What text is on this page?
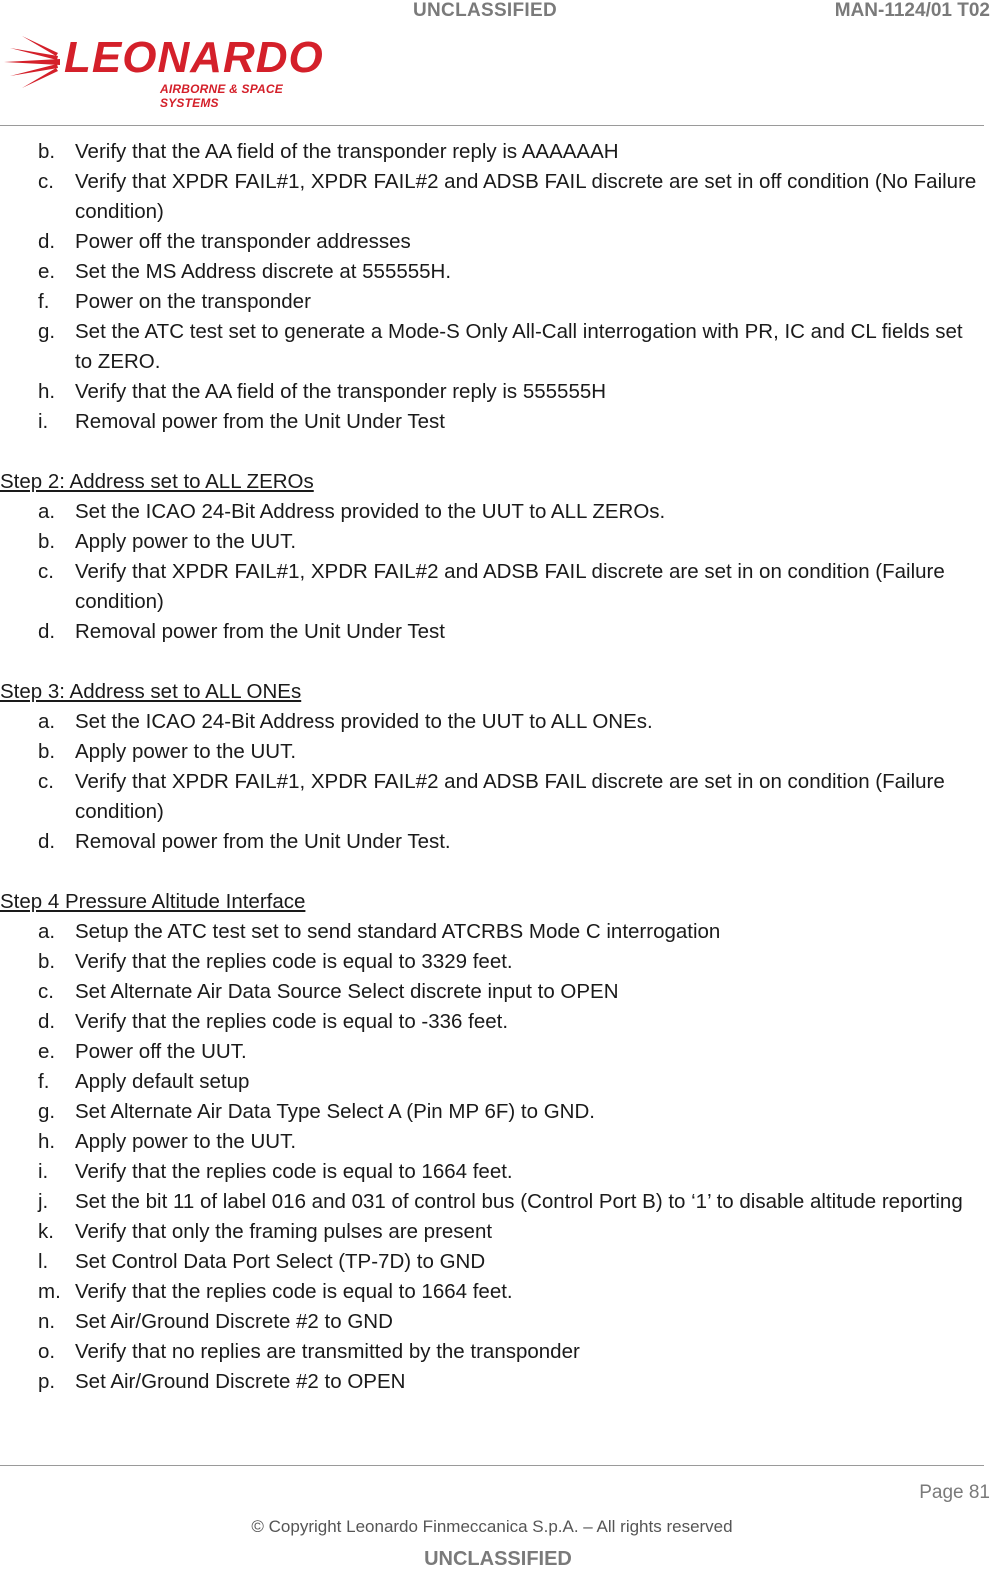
UNCLASSIFIED	MAN-1124/01 T02
LEONARDO
AIRBORNE & SPACE SYSTEMS
b. Verify that the AA field of the transponder reply is AAAAAAH
c. Verify that XPDR FAIL#1, XPDR FAIL#2 and ADSB FAIL discrete are set in off condition (No Failure condition)
d. Power off the transponder addresses
e. Set the MS Address discrete at 555555H.
f. Power on the transponder
g. Set the ATC test set to generate a Mode-S Only All-Call interrogation with PR, IC and CL fields set to ZERO.
h. Verify that the AA field of the transponder reply is 555555H
i. Removal power from the Unit Under Test
Step 2: Address set to ALL ZEROs
a. Set the ICAO 24-Bit Address provided to the UUT to ALL ZEROs.
b. Apply power to the UUT.
c. Verify that XPDR FAIL#1, XPDR FAIL#2 and ADSB FAIL discrete are set in on condition (Failure condition)
d. Removal power from the Unit Under Test
Step 3: Address set to ALL ONEs
a. Set the ICAO 24-Bit Address provided to the UUT to ALL ONEs.
b. Apply power to the UUT.
c. Verify that XPDR FAIL#1, XPDR FAIL#2 and ADSB FAIL discrete are set in on condition (Failure condition)
d. Removal power from the Unit Under Test.
Step 4 Pressure Altitude Interface
a. Setup the ATC test set to send standard ATCRBS Mode C interrogation
b. Verify that the replies code is equal to 3329 feet.
c. Set Alternate Air Data Source Select discrete input to OPEN
d. Verify that the replies code is equal to -336 feet.
e. Power off the UUT.
f. Apply default setup
g. Set Alternate Air Data Type Select A (Pin MP 6F) to GND.
h. Apply power to the UUT.
i. Verify that the replies code is equal to 1664 feet.
j. Set the bit 11 of label 016 and 031 of control bus (Control Port B) to ‘1’ to disable altitude reporting
k. Verify that only the framing pulses are present
l. Set Control Data Port Select (TP-7D) to GND
m. Verify that the replies code is equal to 1664 feet.
n. Set Air/Ground Discrete #2 to GND
o. Verify that no replies are transmitted by the transponder
p. Set Air/Ground Discrete #2 to OPEN
Page 81
© Copyright Leonardo Finmeccanica S.p.A. – All rights reserved
UNCLASSIFIED
